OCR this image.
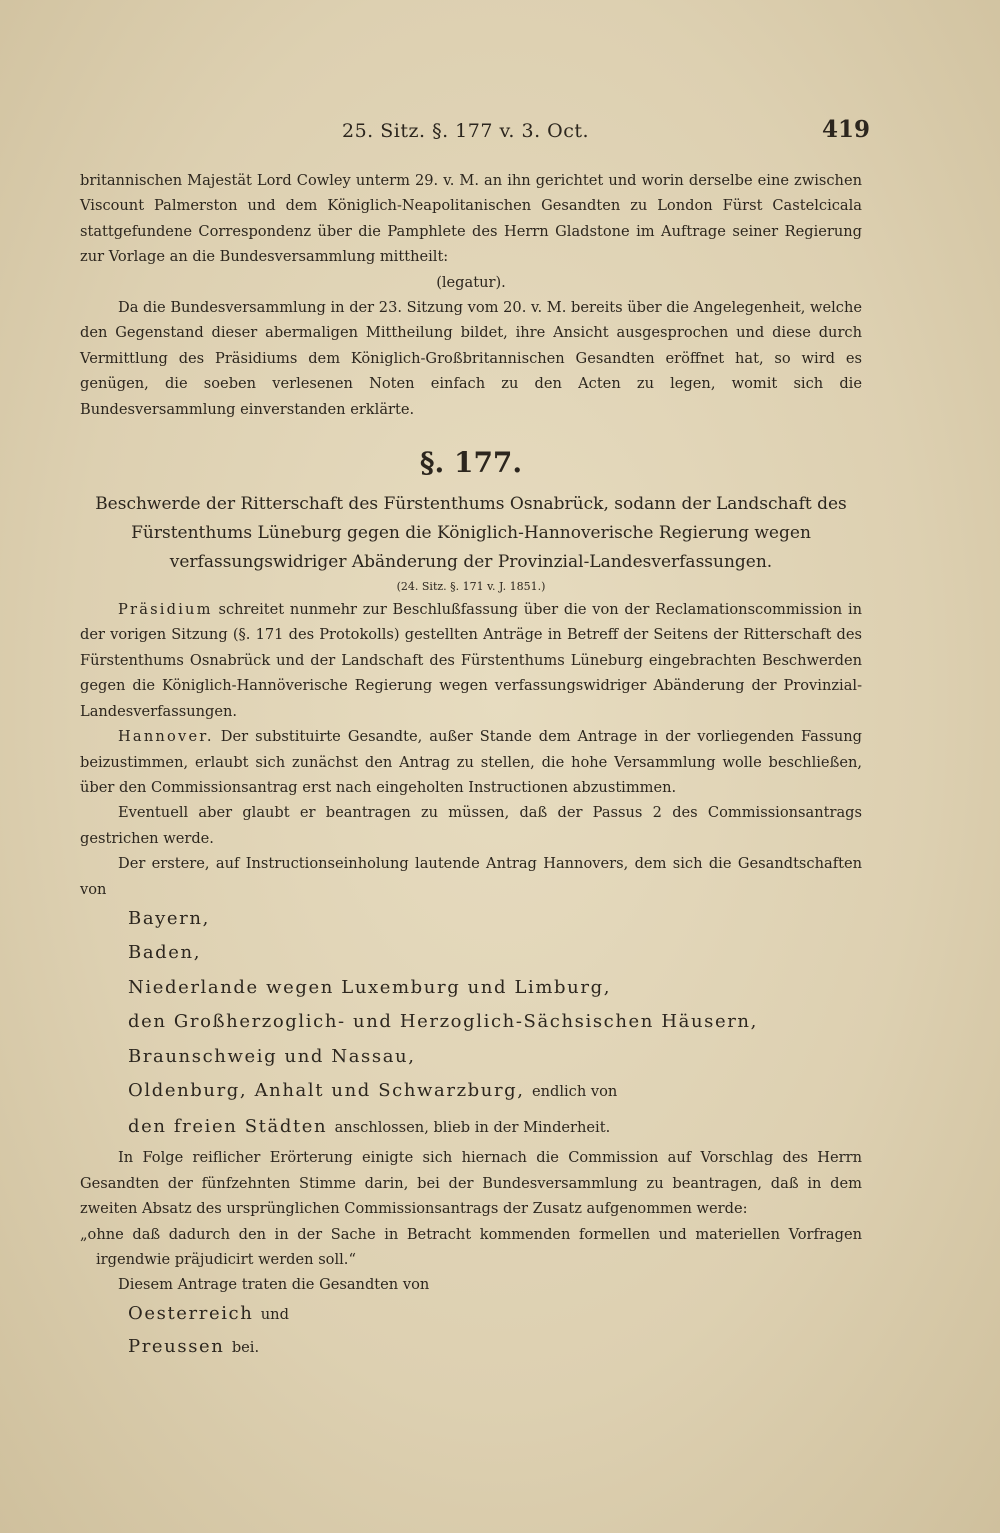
25. Sitz. §. 177 v. 3. Oct.	419

britannischen Majestät Lord Cowley unterm 29. v. M. an ihn gerichtet und worin derselbe eine zwischen Viscount Palmerston und dem Königlich-Neapolitanischen Gesandten zu London Fürst Castelcicala stattgefundene Correspondenz über die Pamphlete des Herrn Gladstone im Auftrage seiner Regierung zur Vorlage an die Bundesversammlung mittheilt:

(legatur).

Da die Bundesversammlung in der 23. Sitzung vom 20. v. M. bereits über die Angelegenheit, welche den Gegenstand dieser abermaligen Mittheilung bildet, ihre Ansicht ausgesprochen und diese durch Vermittlung des Präsidiums dem Königlich-Großbritannischen Gesandten eröffnet hat, so wird es genügen, die soeben verlesenen Noten einfach zu den Acten zu legen, womit sich die Bundesversammlung einverstanden erklärte.

§. 177.

Beschwerde der Ritterschaft des Fürstenthums Osnabrück, sodann der Landschaft des Fürstenthums Lüneburg gegen die Königlich-Hannoverische Regierung wegen verfassungswidriger Abänderung der Provinzial-Landesverfassungen.

(24. Sitz. §. 171 v. J. 1851.)

Präsidium schreitet nunmehr zur Beschlußfassung über die von der Reclamationscommission in der vorigen Sitzung (§. 171 des Protokolls) gestellten Anträge in Betreff der Seitens der Ritterschaft des Fürstenthums Osnabrück und der Landschaft des Fürstenthums Lüneburg eingebrachten Beschwerden gegen die Königlich-Hannöverische Regierung wegen verfassungswidriger Abänderung der Provinzial-Landesverfassungen.

Hannover. Der substituirte Gesandte, außer Stande dem Antrage in der vorliegenden Fassung beizustimmen, erlaubt sich zunächst den Antrag zu stellen, die hohe Versammlung wolle beschließen, über den Commissionsantrag erst nach eingeholten Instructionen abzustimmen.

Eventuell aber glaubt er beantragen zu müssen, daß der Passus 2 des Commissionsantrags gestrichen werde.

Der erstere, auf Instructionseinholung lautende Antrag Hannovers, dem sich die Gesandtschaften von

Bayern,
Baden,
Niederlande wegen Luxemburg und Limburg,
den Großherzoglich- und Herzoglich-Sächsischen Häusern,
Braunschweig und Nassau,
Oldenburg, Anhalt und Schwarzburg, endlich von
den freien Städten anschlossen, blieb in der Minderheit.

In Folge reiflicher Erörterung einigte sich hiernach die Commission auf Vorschlag des Herrn Gesandten der fünfzehnten Stimme darin, bei der Bundesversammlung zu beantragen, daß in dem zweiten Absatz des ursprünglichen Commissionsantrags der Zusatz aufgenommen werde:

„ohne daß dadurch den in der Sache in Betracht kommenden formellen und materiellen Vorfragen irgendwie präjudicirt werden soll.“

Diesem Antrage traten die Gesandten von

Oesterreich und

Preussen bei.
